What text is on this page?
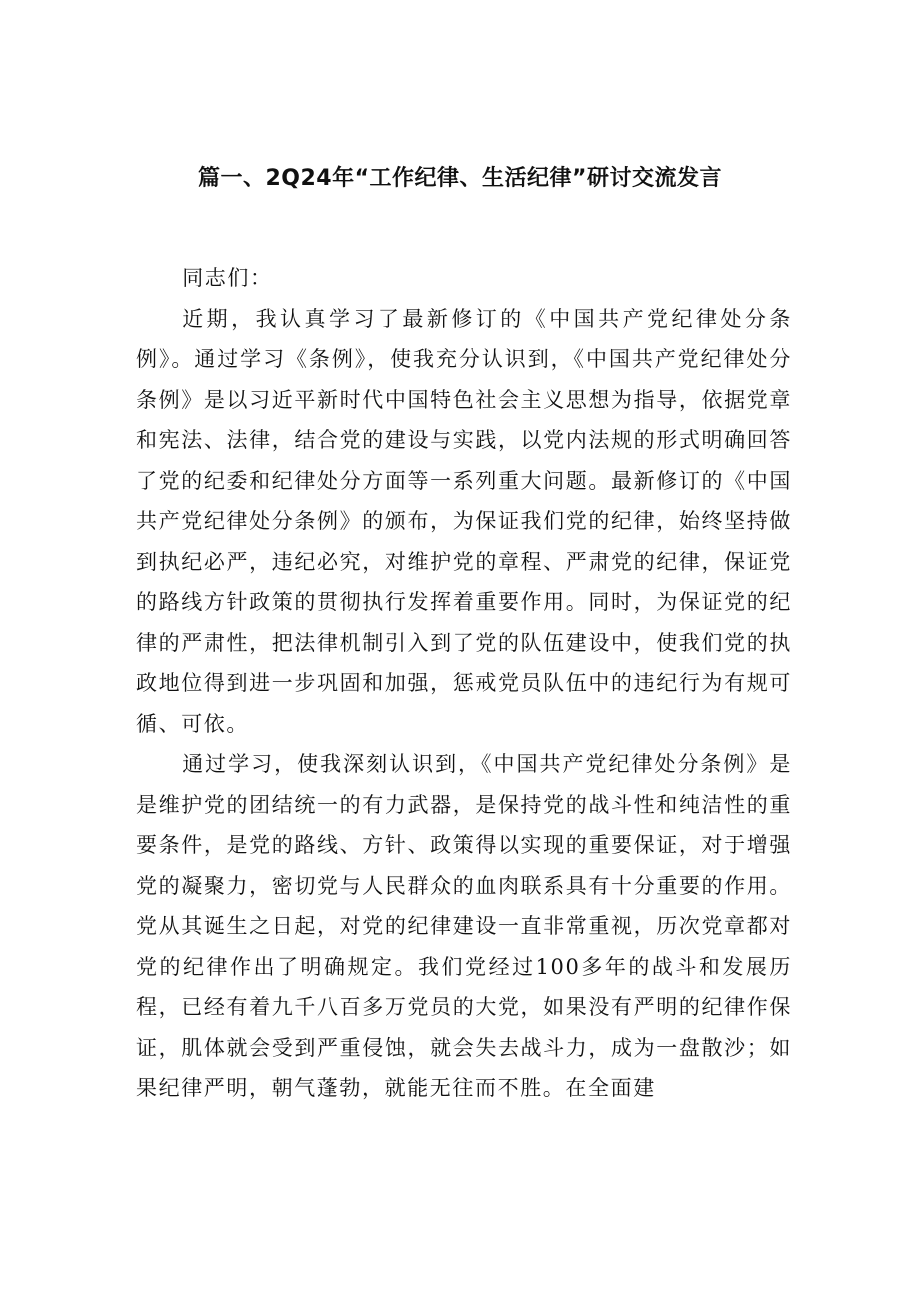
篇一、2Q24年“工作纪律、生活纪律”研讨交流发言

同志们：

近期，我认真学习了最新修订的《中国共产党纪律处分条例》。通过学习《条例》，使我充分认识到，《中国共产党纪律处分条例》是以习近平新时代中国特色社会主义思想为指导，依据党章和宪法、法律，结合党的建设与实践，以党内法规的形式明确回答了党的纪委和纪律处分方面等一系列重大问题。最新修订的《中国共产党纪律处分条例》的颁布，为保证我们党的纪律，始终坚持做到执纪必严，违纪必究，对维护党的章程、严肃党的纪律，保证党的路线方针政策的贯彻执行发挥着重要作用。同时，为保证党的纪律的严肃性，把法律机制引入到了党的队伍建设中，使我们党的执政地位得到进一步巩固和加强，惩戒党员队伍中的违纪行为有规可循、可依。

通过学习，使我深刻认识到，《中国共产党纪律处分条例》是是维护党的团结统一的有力武器，是保持党的战斗性和纯洁性的重要条件，是党的路线、方针、政策得以实现的重要保证，对于增强党的凝聚力，密切党与人民群众的血肉联系具有十分重要的作用。党从其诞生之日起，对党的纪律建设一直非常重视，历次党章都对党的纪律作出了明确规定。我们党经过100多年的战斗和发展历程，已经有着九千八百多万党员的大党，如果没有严明的纪律作保证，肌体就会受到严重侵蚀，就会失去战斗力，成为一盘散沙；如果纪律严明，朝气蓬勃，就能无往而不胜。在全面建
